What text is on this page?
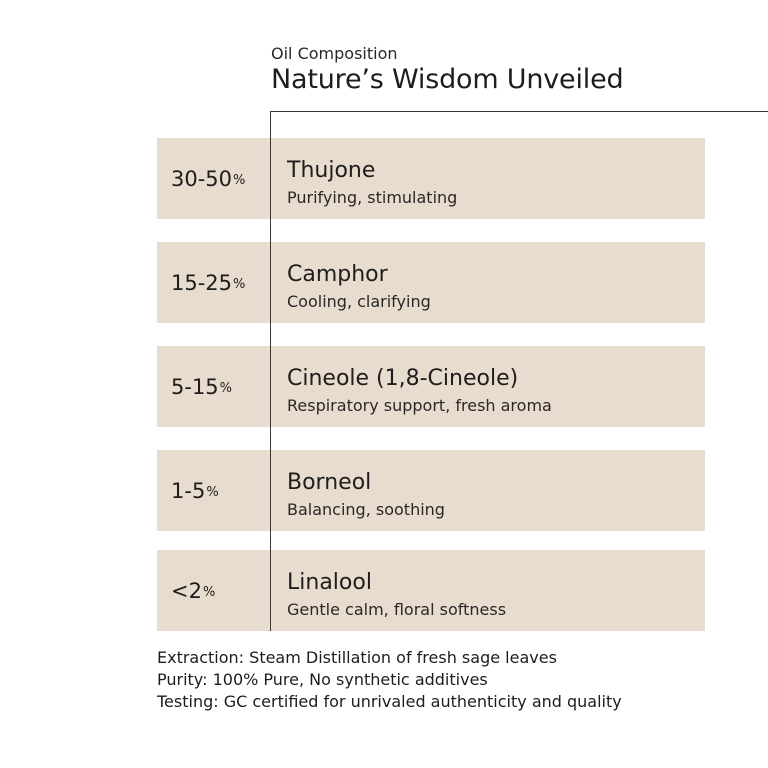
Oil Composition
Nature’s Wisdom Unveiled
30-50 % Thujone
Purifying, stimulating
15-25 % Camphor
Cooling, clarifying
5-15 % Cineole (1,8-Cineole)
Respiratory support, fresh aroma
1-5 %	Borneol
Balancing, soothing
<2 %	Linalool
Gentle calm, floral softness
Extraction: Steam Distillation of fresh sage leaves
Purity: 100% Pure, No synthetic additives
Testing: GC certified for unrivaled authenticity and quality
